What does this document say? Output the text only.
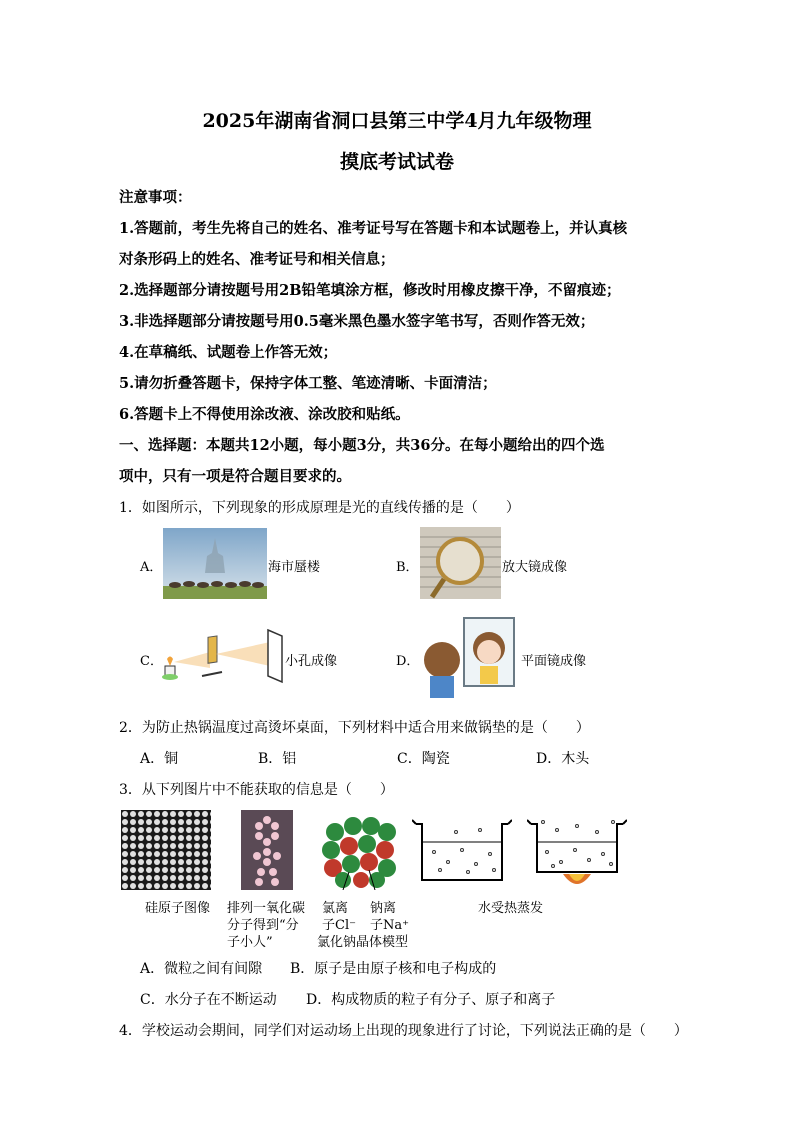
2025年湖南省洞口县第三中学4月九年级物理
摸底考试试卷
注意事项：
1.答题前，考生先将自己的姓名、准考证号写在答题卡和本试题卷上，并认真核
对条形码上的姓名、准考证号和相关信息；
2.选择题部分请按题号用2B铅笔填涂方框，修改时用橡皮擦干净，不留痕迹；
3.非选择题部分请按题号用0.5毫米黑色墨水签字笔书写，否则作答无效；
4.在草稿纸、试题卷上作答无效；
5.请勿折叠答题卡，保持字体工整、笔迹清晰、卡面清洁；
6.答题卡上不得使用涂改液、涂改胶和贴纸。
一、选择题：本题共12小题，每小题3分，共36分。在每小题给出的四个选
项中，只有一项是符合题目要求的。
1．如图所示，下列现象的形成原理是光的直线传播的是（　　）
A．	海市蜃楼	B．	放大镜成像
C．	小孔成像	D．	平面镜成像
2．为防止热锅温度过高烫坏桌面，下列材料中适合用来做锅垫的是（　　）
A．铜	B．铝	C．陶瓷	D．木头
3．从下列图片中不能获取的信息是（　　）
硅原子图像 排列一氧化碳
分子得到“分
子小人”
氯离 钠离
子Cl⁻ 子Na⁺
氯化钠晶体模型
水受热蒸发
A．微粒之间有间隙 B．原子是由原子核和电子构成的
C．水分子在不断运动 D．构成物质的粒子有分子、原子和离子
4．学校运动会期间，同学们对运动场上出现的现象进行了讨论，下列说法正确的是（　　）
